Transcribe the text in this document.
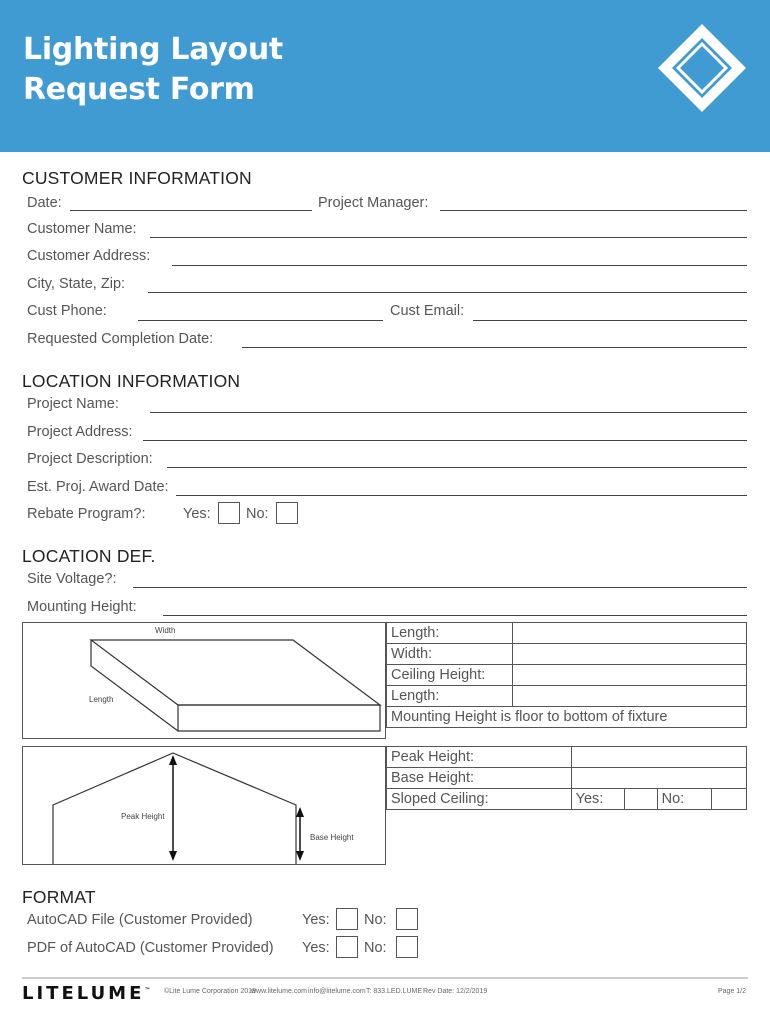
Lighting Layout
Request Form
CUSTOMER INFORMATION
Date:	Project Manager:
Customer Name:
Customer Address:
City, State, Zip:
Cust Phone:	Cust Email:
Requested Completion Date:
LOCATION INFORMATION
Project Name:
Project Address:
Project Description:
Est. Proj. Award Date:
Rebate Program?:	Yes: No:
LOCATION DEF.
Site Voltage?:
Mounting Height:
Width
Length
Length:	
Width:	
Ceiling Height:	
Length:	
Mounting Height is floor to bottom of fixture	
Peak Height
Base Height
Peak Height:				
Base Height:				
Sloped Ceiling:	Yes:		No:	
FORMAT
AutoCAD File (Customer Provided)	Yes: No:
PDF of AutoCAD (Customer Provided) Yes: No:
LITELUME™ ©Lite Lume Corporation 2018
www.litelume.com info@litelume.com T: 833.LED.LUME Rev Date: 12/2/2019	Page 1/2
